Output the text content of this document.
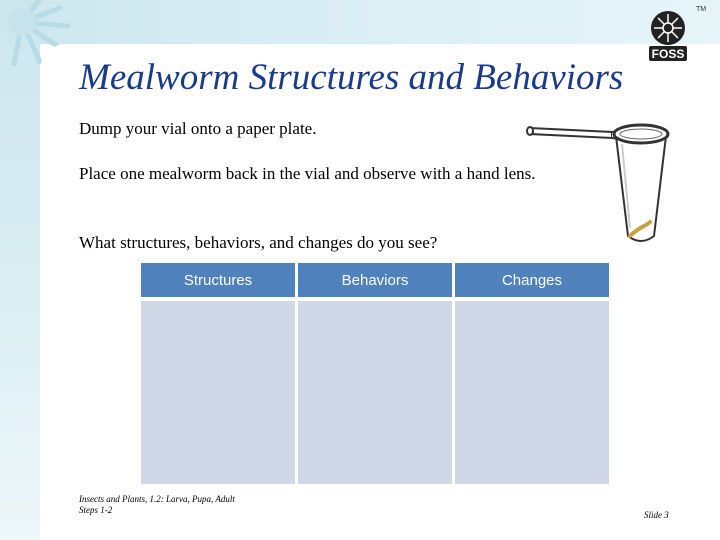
FOSS
TM
Mealworm Structures and Behaviors
Dump your vial onto a paper plate.
Place one mealworm back in the vial and observe with a hand lens.
What structures, behaviors, and changes do you see?
Structures	Behaviors	Changes

Insects and Plants, 1.2: Larva, Pupa, Adult
Steps 1-2	Slide 3
